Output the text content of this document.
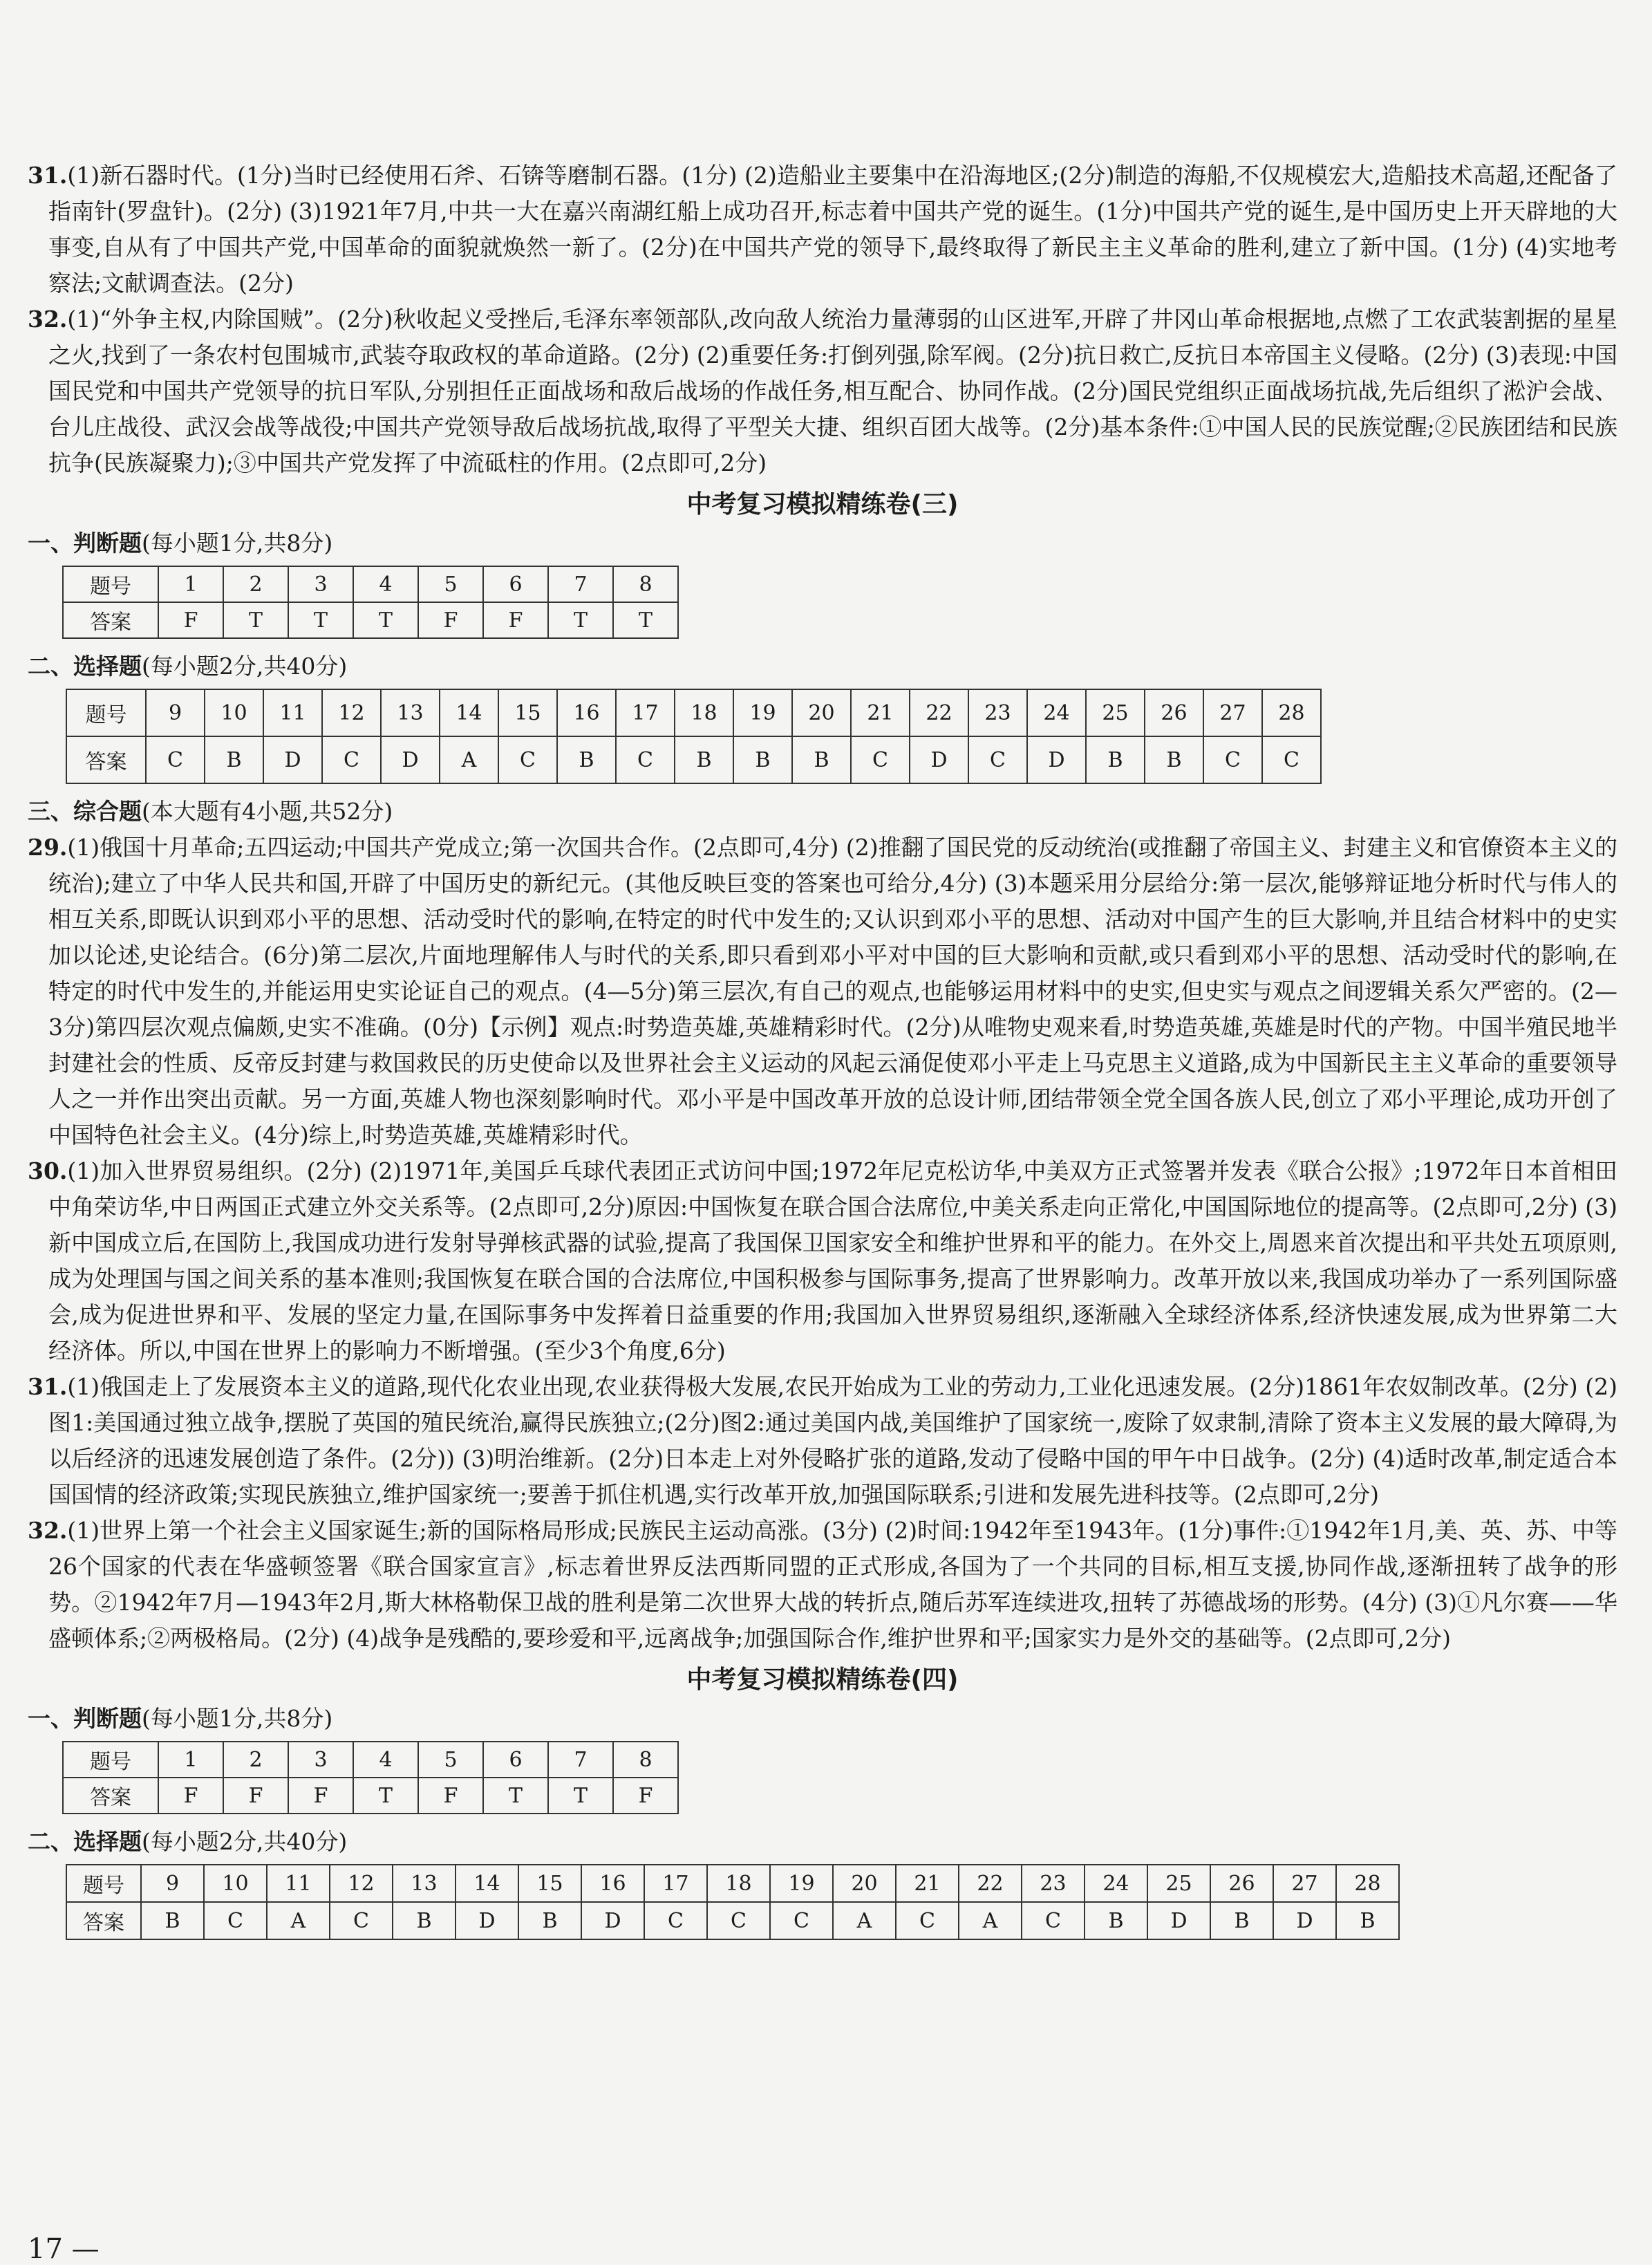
31.(1)新石器时代。(1分)当时已经使用石斧、石锛等磨制石器。(1分) (2)造船业主要集中在沿海地区;(2分)制造的海船,不仅规模宏大,造船技术高超,还配备了指南针(罗盘针)。(2分) (3)1921年7月,中共一大在嘉兴南湖红船上成功召开,标志着中国共产党的诞生。(1分)中国共产党的诞生,是中国历史上开天辟地的大事变,自从有了中国共产党,中国革命的面貌就焕然一新了。(2分)在中国共产党的领导下,最终取得了新民主主义革命的胜利,建立了新中国。(1分) (4)实地考察法;文献调查法。(2分)

32.(1)“外争主权,内除国贼”。(2分)秋收起义受挫后,毛泽东率领部队,改向敌人统治力量薄弱的山区进军,开辟了井冈山革命根据地,点燃了工农武装割据的星星之火,找到了一条农村包围城市,武装夺取政权的革命道路。(2分) (2)重要任务:打倒列强,除军阀。(2分)抗日救亡,反抗日本帝国主义侵略。(2分) (3)表现:中国国民党和中国共产党领导的抗日军队,分别担任正面战场和敌后战场的作战任务,相互配合、协同作战。(2分)国民党组织正面战场抗战,先后组织了淞沪会战、台儿庄战役、武汉会战等战役;中国共产党领导敌后战场抗战,取得了平型关大捷、组织百团大战等。(2分)基本条件:①中国人民的民族觉醒;②民族团结和民族抗争(民族凝聚力);③中国共产党发挥了中流砥柱的作用。(2点即可,2分)

中考复习模拟精练卷(三)

一、判断题(每小题1分,共8分)

题号	1	2	3	4	5	6	7	8
答案	F	T	T	T	F	F	T	T

二、选择题(每小题2分,共40分)

题号	9	10	11	12	13	14	15	16	17	18	19	20	21	22	23	24	25	26	27	28
答案	C	B	D	C	D	A	C	B	C	B	B	B	C	D	C	D	B	B	C	C

三、综合题(本大题有4小题,共52分)

29.(1)俄国十月革命;五四运动;中国共产党成立;第一次国共合作。(2点即可,4分) (2)推翻了国民党的反动统治(或推翻了帝国主义、封建主义和官僚资本主义的统治);建立了中华人民共和国,开辟了中国历史的新纪元。(其他反映巨变的答案也可给分,4分) (3)本题采用分层给分:第一层次,能够辩证地分析时代与伟人的相互关系,即既认识到邓小平的思想、活动受时代的影响,在特定的时代中发生的;又认识到邓小平的思想、活动对中国产生的巨大影响,并且结合材料中的史实加以论述,史论结合。(6分)第二层次,片面地理解伟人与时代的关系,即只看到邓小平对中国的巨大影响和贡献,或只看到邓小平的思想、活动受时代的影响,在特定的时代中发生的,并能运用史实论证自己的观点。(4—5分)第三层次,有自己的观点,也能够运用材料中的史实,但史实与观点之间逻辑关系欠严密的。(2—3分)第四层次观点偏颇,史实不准确。(0分)【示例】观点:时势造英雄,英雄精彩时代。(2分)从唯物史观来看,时势造英雄,英雄是时代的产物。中国半殖民地半封建社会的性质、反帝反封建与救国救民的历史使命以及世界社会主义运动的风起云涌促使邓小平走上马克思主义道路,成为中国新民主主义革命的重要领导人之一并作出突出贡献。另一方面,英雄人物也深刻影响时代。邓小平是中国改革开放的总设计师,团结带领全党全国各族人民,创立了邓小平理论,成功开创了中国特色社会主义。(4分)综上,时势造英雄,英雄精彩时代。

30.(1)加入世界贸易组织。(2分) (2)1971年,美国乒乓球代表团正式访问中国;1972年尼克松访华,中美双方正式签署并发表《联合公报》;1972年日本首相田中角荣访华,中日两国正式建立外交关系等。(2点即可,2分)原因:中国恢复在联合国合法席位,中美关系走向正常化,中国国际地位的提高等。(2点即可,2分) (3)新中国成立后,在国防上,我国成功进行发射导弹核武器的试验,提高了我国保卫国家安全和维护世界和平的能力。在外交上,周恩来首次提出和平共处五项原则,成为处理国与国之间关系的基本准则;我国恢复在联合国的合法席位,中国积极参与国际事务,提高了世界影响力。改革开放以来,我国成功举办了一系列国际盛会,成为促进世界和平、发展的坚定力量,在国际事务中发挥着日益重要的作用;我国加入世界贸易组织,逐渐融入全球经济体系,经济快速发展,成为世界第二大经济体。所以,中国在世界上的影响力不断增强。(至少3个角度,6分)

31.(1)俄国走上了发展资本主义的道路,现代化农业出现,农业获得极大发展,农民开始成为工业的劳动力,工业化迅速发展。(2分)1861年农奴制改革。(2分) (2)图1:美国通过独立战争,摆脱了英国的殖民统治,赢得民族独立;(2分)图2:通过美国内战,美国维护了国家统一,废除了奴隶制,清除了资本主义发展的最大障碍,为以后经济的迅速发展创造了条件。(2分)) (3)明治维新。(2分)日本走上对外侵略扩张的道路,发动了侵略中国的甲午中日战争。(2分) (4)适时改革,制定适合本国国情的经济政策;实现民族独立,维护国家统一;要善于抓住机遇,实行改革开放,加强国际联系;引进和发展先进科技等。(2点即可,2分)

32.(1)世界上第一个社会主义国家诞生;新的国际格局形成;民族民主运动高涨。(3分) (2)时间:1942年至1943年。(1分)事件:①1942年1月,美、英、苏、中等26个国家的代表在华盛顿签署《联合国家宣言》,标志着世界反法西斯同盟的正式形成,各国为了一个共同的目标,相互支援,协同作战,逐渐扭转了战争的形势。②1942年7月—1943年2月,斯大林格勒保卫战的胜利是第二次世界大战的转折点,随后苏军连续进攻,扭转了苏德战场的形势。(4分) (3)①凡尔赛——华盛顿体系;②两极格局。(2分) (4)战争是残酷的,要珍爱和平,远离战争;加强国际合作,维护世界和平;国家实力是外交的基础等。(2点即可,2分)

中考复习模拟精练卷(四)

一、判断题(每小题1分,共8分)

题号	1	2	3	4	5	6	7	8
答案	F	F	F	T	F	T	T	F

二、选择题(每小题2分,共40分)

题号	9	10	11	12	13	14	15	16	17	18	19	20	21	22	23	24	25	26	27	28
答案	B	C	A	C	B	D	B	D	C	C	C	A	C	A	C	B	D	B	D	B
17 —
